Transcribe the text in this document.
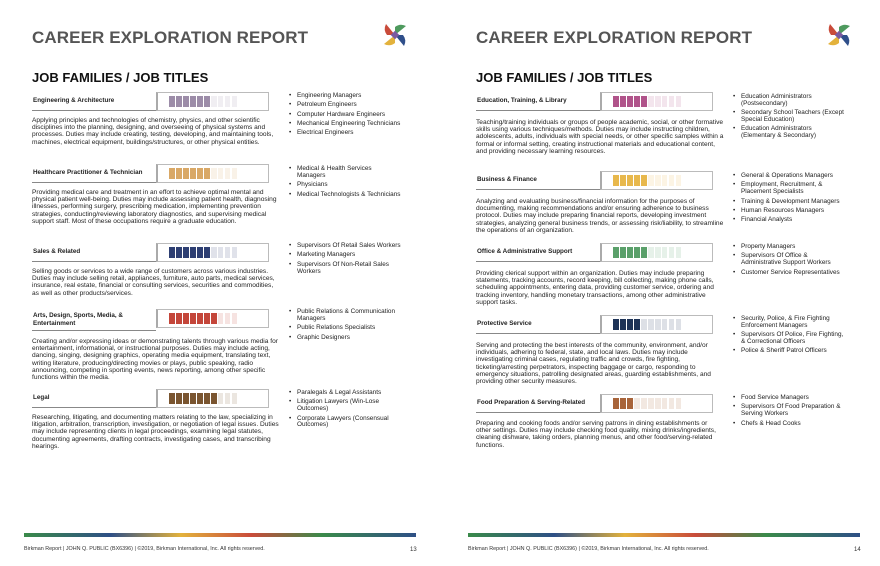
CAREER EXPLORATION REPORT
JOB FAMILIES / JOB TITLES
Engineering & Architecture
Applying principles and technologies of chemistry, physics, and other scientific disciplines into the planning, designing, and overseeing of physical systems and processes. Duties may include creating, testing, developing, and maintaining tools, machines, electrical equipment, buildings/structures, or other physical entities.
• Engineering Managers
• Petroleum Engineers
• Computer Hardware Engineers
• Mechanical Engineering Technicians
• Electrical Engineers
Healthcare Practitioner & Technician
Providing medical care and treatment in an effort to achieve optimal mental and physical patient well-being. Duties may include assessing patient health, diagnosing illnesses, performing surgery, prescribing medication, implementing prevention strategies, conducting/reviewing laboratory diagnostics, and supervising medical support staff. Most of these occupations require a graduate education.
• Medical & Health Services Managers
• Physicians
• Medical Technologists & Technicians
Sales & Related
Selling goods or services to a wide range of customers across various industries. Duties may include selling retail, appliances, furniture, auto parts, medical services, insurance, real estate, financial or consulting services, securities and commodities, as well as other products/services.
• Supervisors Of Retail Sales Workers
• Marketing Managers
• Supervisors Of Non-Retail Sales Workers
Arts, Design, Sports, Media, & Entertainment
Creating and/or expressing ideas or demonstrating talents through various media for entertainment, informational, or instructional purposes. Duties may include acting, dancing, singing, designing graphics, operating media equipment, translating text, writing literature, producing/directing movies or plays, public speaking, radio announcing, competing in sporting events, news reporting, among other specific functions within the media.
• Public Relations & Communication Managers
• Public Relations Specialists
• Graphic Designers
Legal
Researching, litigating, and documenting matters relating to the law, specializing in litigation, arbitration, transcription, investigation, or negotiation of legal issues. Duties may include representing clients in legal proceedings, examining legal statutes, documenting agreements, drafting contracts, investigating cases, and transcribing hearings.
• Paralegals & Legal Assistants
• Litigation Lawyers (Win-Lose Outcomes)
• Corporate Lawyers (Consensual Outcomes)
Birkman Report | JOHN Q. PUBLIC (BX6396) | ©2019, Birkman International, Inc. All rights reserved.	13
CAREER EXPLORATION REPORT
JOB FAMILIES / JOB TITLES
Education, Training, & Library
Teaching/training individuals or groups of people academic, social, or other formative skills using various techniques/methods. Duties may include instructing children, adolescents, adults, individuals with special needs, or other specific samples within a formal or informal setting, creating instructional materials and educational content, and providing necessary learning resources.
• Education Administrators (Postsecondary)
• Secondary School Teachers (Except Special Education)
• Education Administrators (Elementary & Secondary)
Business & Finance
Analyzing and evaluating business/financial information for the purposes of documenting, making recommendations and/or ensuring adherence to business protocol. Duties may include preparing financial reports, developing investment strategies, analyzing general business trends, or assessing risk/liability, to streamline the operations of an organization.
• General & Operations Managers
• Employment, Recruitment, & Placement Specialists
• Training & Development Managers
• Human Resources Managers
• Financial Analysts
Office & Administrative Support
Providing clerical support within an organization. Duties may include preparing statements, tracking accounts, record keeping, bill collecting, making phone calls, scheduling appointments, entering data, providing customer service, ordering and tracking inventory, handling monetary transactions, among other administrative support tasks.
• Property Managers
• Supervisors Of Office & Administrative Support Workers
• Customer Service Representatives
Protective Service
Serving and protecting the best interests of the community, environment, and/or individuals, adhering to federal, state, and local laws. Duties may include investigating criminal cases, regulating traffic and crowds, fire fighting, ticketing/arresting perpetrators, inspecting baggage or cargo, responding to emergency situations, patrolling designated areas, guarding establishments, and providing other security measures.
• Security, Police, & Fire Fighting Enforcement Managers
• Supervisors Of Police, Fire Fighting, & Correctional Officers
• Police & Sheriff Patrol Officers
Food Preparation & Serving-Related
Preparing and cooking foods and/or serving patrons in dining establishments or other settings. Duties may include checking food quality, mixing drinks/ingredients, cleaning dishware, taking orders, planning menus, and other food/serving-related functions.
• Food Service Managers
• Supervisors Of Food Preparation & Serving Workers
• Chefs & Head Cooks
Birkman Report | JOHN Q. PUBLIC (BX6396) | ©2019, Birkman International, Inc. All rights reserved.	14
